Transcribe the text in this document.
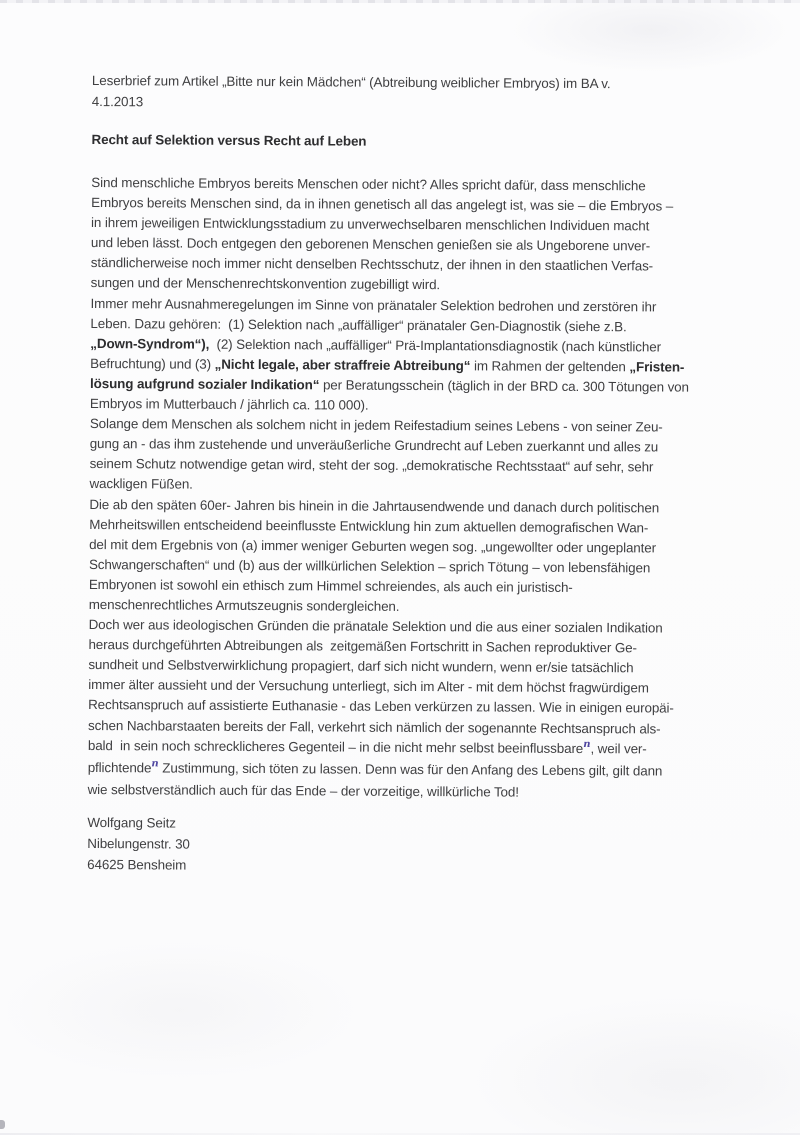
Leserbrief zum Artikel „Bitte nur kein Mädchen“ (Abtreibung weiblicher Embryos) im BA v.
4.1.2013
Recht auf Selektion versus Recht auf Leben
Sind menschliche Embryos bereits Menschen oder nicht? Alles spricht dafür, dass menschliche
Embryos bereits Menschen sind, da in ihnen genetisch all das angelegt ist, was sie – die Embryos –
in ihrem jeweiligen Entwicklungsstadium zu unverwechselbaren menschlichen Individuen macht
und leben lässt. Doch entgegen den geborenen Menschen genießen sie als Ungeborene unver-
ständlicherweise noch immer nicht denselben Rechtsschutz, der ihnen in den staatlichen Verfas-
sungen und der Menschenrechtskonvention zugebilligt wird.
Immer mehr Ausnahmeregelungen im Sinne von pränataler Selektion bedrohen und zerstören ihr
Leben. Dazu gehören:  (1) Selektion nach „auffälliger“ pränataler Gen-Diagnostik (siehe z.B.
„Down-Syndrom“),  (2) Selektion nach „auffälliger“ Prä-Implantationsdiagnostik (nach künstlicher
Befruchtung) und (3) „Nicht legale, aber straffreie Abtreibung“ im Rahmen der geltenden „Fristen-
lösung aufgrund sozialer Indikation“ per Beratungsschein (täglich in der BRD ca. 300 Tötungen von
Embryos im Mutterbauch / jährlich ca. 110 000).
Solange dem Menschen als solchem nicht in jedem Reifestadium seines Lebens - von seiner Zeu-
gung an - das ihm zustehende und unveräußerliche Grundrecht auf Leben zuerkannt und alles zu
seinem Schutz notwendige getan wird, steht der sog. „demokratische Rechtsstaat“ auf sehr, sehr
wackligen Füßen.
Die ab den späten 60er- Jahren bis hinein in die Jahrtausendwende und danach durch politischen
Mehrheitswillen entscheidend beeinflusste Entwicklung hin zum aktuellen demografischen Wan-
del mit dem Ergebnis von (a) immer weniger Geburten wegen sog. „ungewollter oder ungeplanter
Schwangerschaften“ und (b) aus der willkürlichen Selektion – sprich Tötung – von lebensfähigen
Embryonen ist sowohl ein ethisch zum Himmel schreiendes, als auch ein juristisch-
menschenrechtliches Armutszeugnis sondergleichen.
Doch wer aus ideologischen Gründen die pränatale Selektion und die aus einer sozialen Indikation
heraus durchgeführten Abtreibungen als  zeitgemäßen Fortschritt in Sachen reproduktiver Ge-
sundheit und Selbstverwirklichung propagiert, darf sich nicht wundern, wenn er/sie tatsächlich
immer älter aussieht und der Versuchung unterliegt, sich im Alter - mit dem höchst fragwürdigem
Rechtsanspruch auf assistierte Euthanasie - das Leben verkürzen zu lassen. Wie in einigen europäi-
schen Nachbarstaaten bereits der Fall, verkehrt sich nämlich der sogenannte Rechtsanspruch als-
bald  in sein noch schrecklicheres Gegenteil – in die nicht mehr selbst beeinflussbare$^n$, weil ver-
pflichtende$^n$ Zustimmung, sich töten zu lassen. Denn was für den Anfang des Lebens gilt, gilt dann
wie selbstverständlich auch für das Ende – der vorzeitige, willkürliche Tod!
Wolfgang Seitz
Nibelungenstr. 30
64625 Bensheim
